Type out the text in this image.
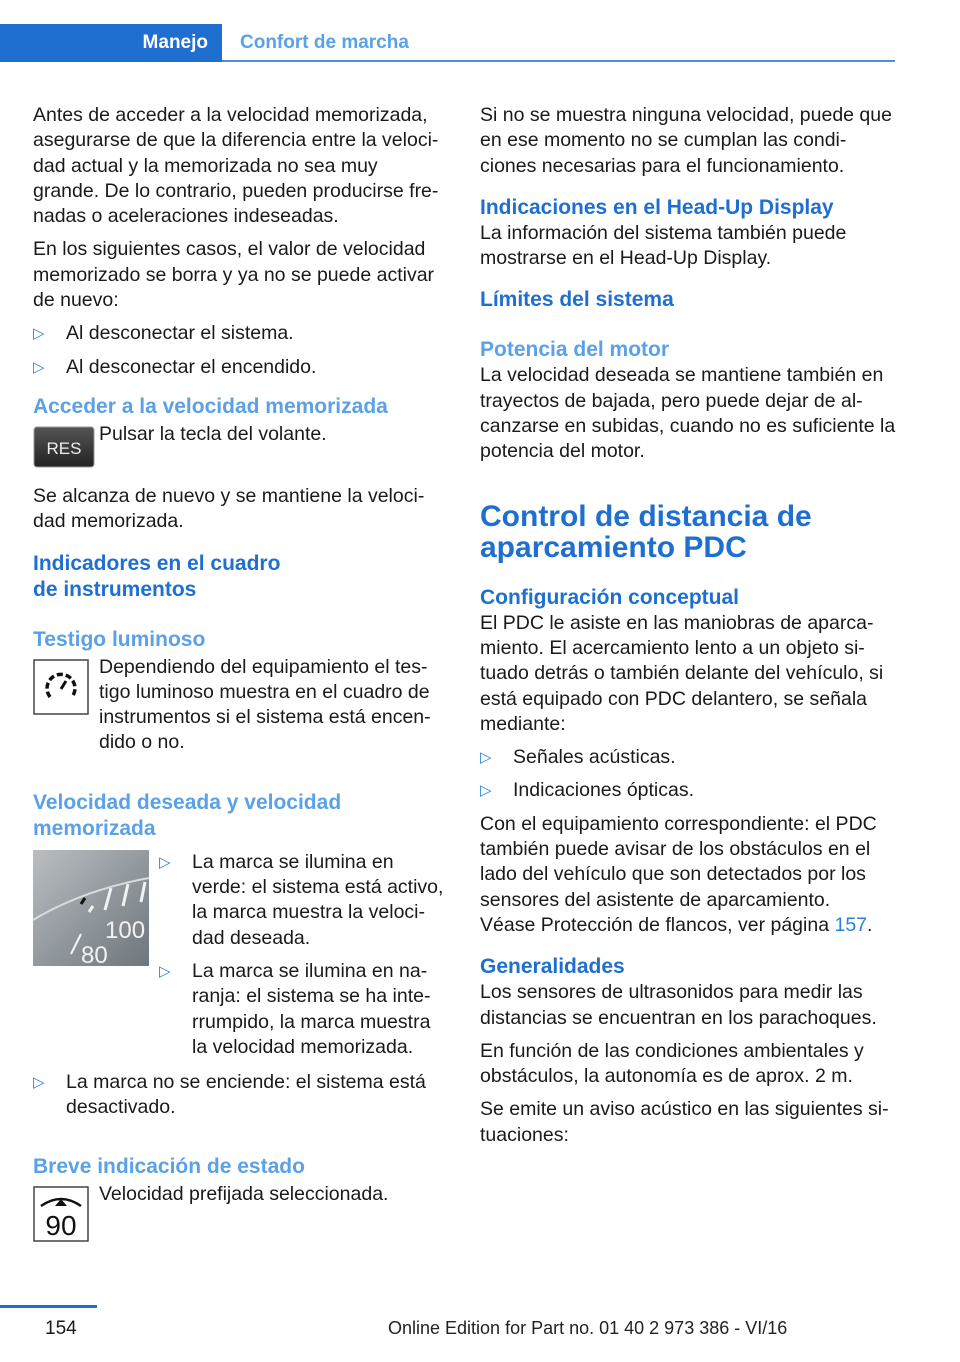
Manejo	Confort de marcha

Antes de acceder a la velocidad memorizada, asegurarse de que la diferencia entre la veloci-dad actual y la memorizada no sea muy grande. De lo contrario, pueden producirse fre-nadas o aceleraciones indeseadas.

En los siguientes casos, el valor de velocidad memorizado se borra y ya no se puede activar de nuevo:

▷ Al desconectar el sistema.
▷ Al desconectar el encendido.
Acceder a la velocidad memorizada
RES

Pulsar la tecla del volante.

Se alcanza de nuevo y se mantiene la veloci-dad memorizada.

Indicadores en el cuadro de instrumentos
Testigo luminoso

Dependiendo del equipamiento el tes-tigo luminoso muestra en el cuadro de instrumentos si el sistema está encen-dido o no.

Velocidad deseada y velocidad memorizada
100
80
▷ La marca se ilumina en verde: el sistema está activo, la marca muestra la veloci-dad deseada.
▷ La marca se ilumina en na-ranja: el sistema se ha inte-rrumpido, la marca muestra la velocidad memorizada.
▷ La marca no se enciende: el sistema está desactivado.
Breve indicación de estado
90

Velocidad prefijada seleccionada.

Si no se muestra ninguna velocidad, puede que en ese momento no se cumplan las condi-ciones necesarias para el funcionamiento.

Indicaciones en el Head-Up Display

La información del sistema también puede mostrarse en el Head-Up Display.

Límites del sistema
Potencia del motor

La velocidad deseada se mantiene también en trayectos de bajada, pero puede dejar de al-canzarse en subidas, cuando no es suficiente la potencia del motor.

Control de distancia de aparcamiento PDC
Configuración conceptual

El PDC le asiste en las maniobras de aparca-miento. El acercamiento lento a un objeto si-tuado detrás o también delante del vehículo, si está equipado con PDC delantero, se señala mediante:

▷ Señales acústicas.
▷ Indicaciones ópticas.

Con el equipamiento correspondiente: el PDC también puede avisar de los obstáculos en el lado del vehículo que son detectados por los sensores del asistente de aparcamiento.

Véase Protección de flancos, ver página 157.

Generalidades

Los sensores de ultrasonidos para medir las distancias se encuentran en los parachoques.

En función de las condiciones ambientales y obstáculos, la autonomía es de aprox. 2 m.

Se emite un aviso acústico en las siguientes si-tuaciones:

154	Online Edition for Part no. 01 40 2 973 386 - VI/16
